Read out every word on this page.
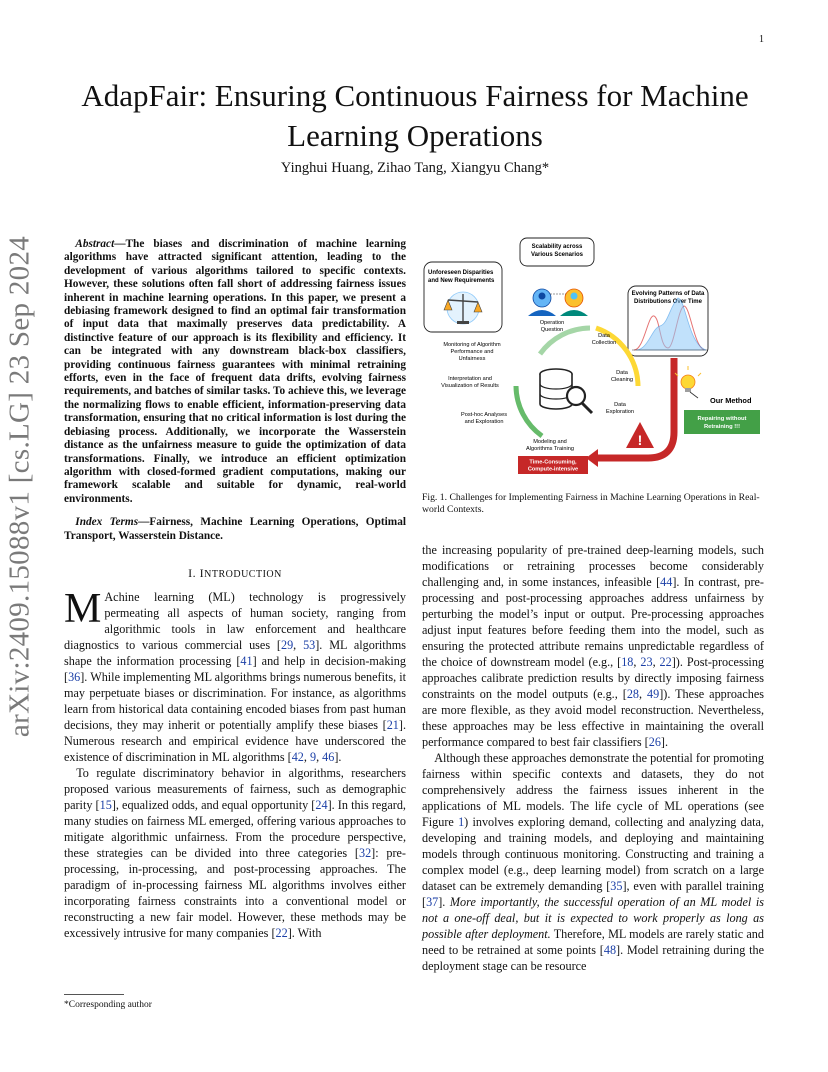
1
arXiv:2409.15088v1 [cs.LG] 23 Sep 2024
AdapFair: Ensuring Continuous Fairness for Machine Learning Operations
Yinghui Huang, Zihao Tang, Xiangyu Chang*

Abstract—The biases and discrimination of machine learning algorithms have attracted significant attention, leading to the development of various algorithms tailored to specific contexts. However, these solutions often fall short of addressing fairness issues inherent in machine learning operations. In this paper, we present a debiasing framework designed to find an optimal fair transformation of input data that maximally preserves data predictability. A distinctive feature of our approach is its flexibility and efficiency. It can be integrated with any downstream black-box classifiers, providing continuous fairness guarantees with minimal retraining efforts, even in the face of frequent data drifts, evolving fairness requirements, and batches of similar tasks. To achieve this, we leverage the normalizing flows to enable efficient, information-preserving data transformation, ensuring that no critical information is lost during the debiasing process. Additionally, we incorporate the Wasserstein distance as the unfairness measure to guide the optimization of data transformations. Finally, we introduce an efficient optimization algorithm with closed-formed gradient computations, making our framework scalable and suitable for dynamic, real-world environments.

Index Terms—Fairness, Machine Learning Operations, Optimal Transport, Wasserstein Distance.

I. INTRODUCTION

M Achine learning (ML) technology is progressively permeating all aspects of human society, ranging from algorithmic tools in law enforcement and healthcare diagnostics to various commercial uses [29, 53]. ML algorithms shape the information processing [41] and help in decision-making [36]. While implementing ML algorithms brings numerous benefits, it may perpetuate biases or discrimination. For instance, as algorithms learn from historical data containing encoded biases from past human decisions, they may inherit or potentially amplify these biases [21]. Numerous research and empirical evidence have underscored the existence of discrimination in ML algorithms [42, 9, 46].

To regulate discriminatory behavior in algorithms, researchers proposed various measurements of fairness, such as demographic parity [15], equalized odds, and equal opportunity [24]. In this regard, many studies on fairness ML emerged, offering various approaches to mitigate algorithmic unfairness. From the procedure perspective, these strategies can be divided into three categories [32]: pre-processing, in-processing, and post-processing approaches. The paradigm of in-processing fairness ML algorithms involves either incorporating fairness constraints into a conventional model or reconstructing a new fair model. However, these methods may be excessively intrusive for many companies [22]. With

*Corresponding author
Scalability across Various Scenarios
Unforeseen Disparities and New Requirements
Evolving Patterns of Data Distributions Over Time
Operation Question
Data Collection
Monitoring of Algorithm Performance and Unfairness
Data Cleaning
Interpretation and Visualization of Results
Data Exploration
Post-hoc Analyses and Exploration
Modeling and Algorithms Training
Time-Consuming, Compute-intensive
!
Our Method
Repairing without Retraining !!!
Fig. 1. Challenges for Implementing Fairness in Machine Learning Operations in Real-world Contexts.

the increasing popularity of pre-trained deep-learning models, such modifications or retraining processes become considerably challenging and, in some instances, infeasible [44]. In contrast, pre-processing and post-processing approaches address unfairness by perturbing the model’s input or output. Pre-processing approaches adjust input features before feeding them into the model, such as ensuring the protected attribute remains unpredictable regardless of the choice of downstream model (e.g., [18, 23, 22]). Post-processing approaches calibrate prediction results by directly imposing fairness constraints on the model outputs (e.g., [28, 49]). These approaches are more flexible, as they avoid model reconstruction. Nevertheless, these approaches may be less effective in maintaining the overall performance compared to best fair classifiers [26].

Although these approaches demonstrate the potential for promoting fairness within specific contexts and datasets, they do not comprehensively address the fairness issues inherent in the applications of ML models. The life cycle of ML operations (see Figure 1) involves exploring demand, collecting and analyzing data, developing and training models, and deploying and maintaining models through continuous monitoring. Constructing and training a complex model (e.g., deep learning model) from scratch on a large dataset can be extremely demanding [35], even with parallel training [37]. More importantly, the successful operation of an ML model is not a one-off deal, but it is expected to work properly as long as possible after deployment. Therefore, ML models are rarely static and need to be retrained at some points [48]. Model retraining during the deployment stage can be resource
